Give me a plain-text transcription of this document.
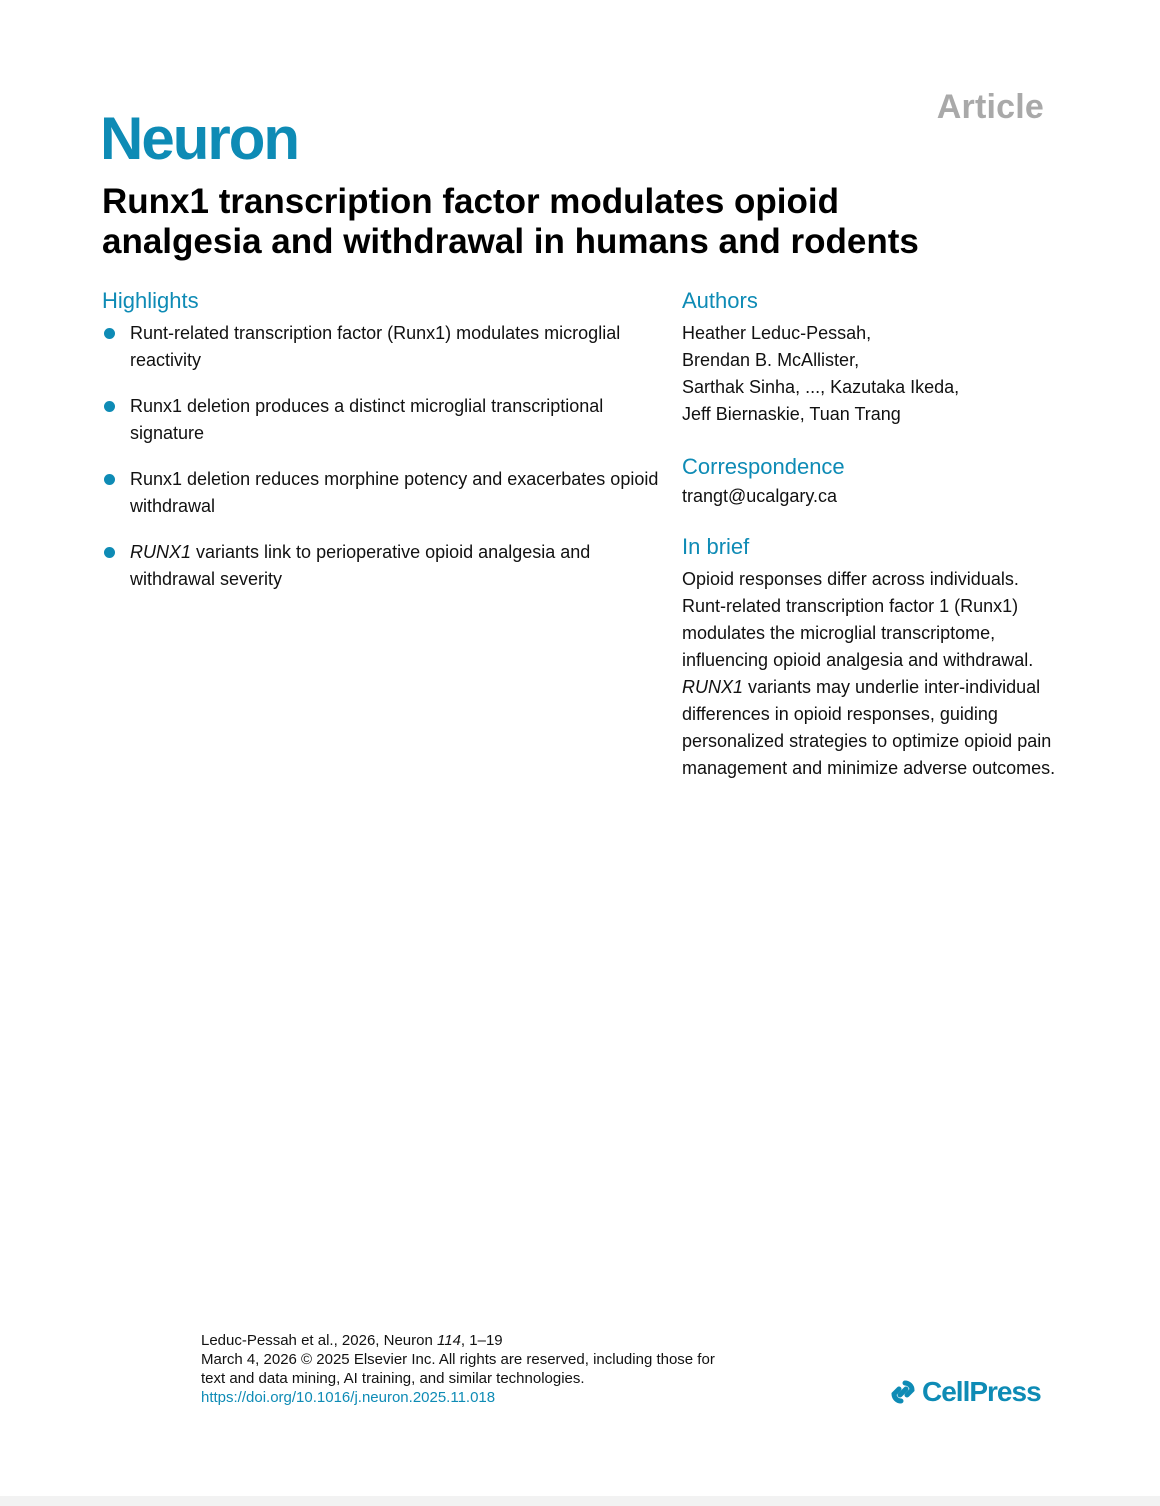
Article
Neuron
Runx1 transcription factor modulates opioid
analgesia and withdrawal in humans and rodents
Highlights
Runt-related transcription factor (Runx1) modulates microglial reactivity
Runx1 deletion produces a distinct microglial transcriptional signature
Runx1 deletion reduces morphine potency and exacerbates opioid withdrawal
RUNX1 variants link to perioperative opioid analgesia and withdrawal severity
Authors
Heather Leduc-Pessah,
Brendan B. McAllister,
Sarthak Sinha, ..., Kazutaka Ikeda,
Jeff Biernaskie, Tuan Trang
Correspondence
trangt@ucalgary.ca
In brief
Opioid responses differ across individuals. Runt-related transcription factor 1 (Runx1) modulates the microglial transcriptome, influencing opioid analgesia and withdrawal. RUNX1 variants may underlie inter-individual differences in opioid responses, guiding personalized strategies to optimize opioid pain management and minimize adverse outcomes.
Leduc-Pessah et al., 2026, Neuron 114, 1–19
March 4, 2026 © 2025 Elsevier Inc. All rights are reserved, including those for
text and data mining, AI training, and similar technologies.
https://doi.org/10.1016/j.neuron.2025.11.018	CellPress
